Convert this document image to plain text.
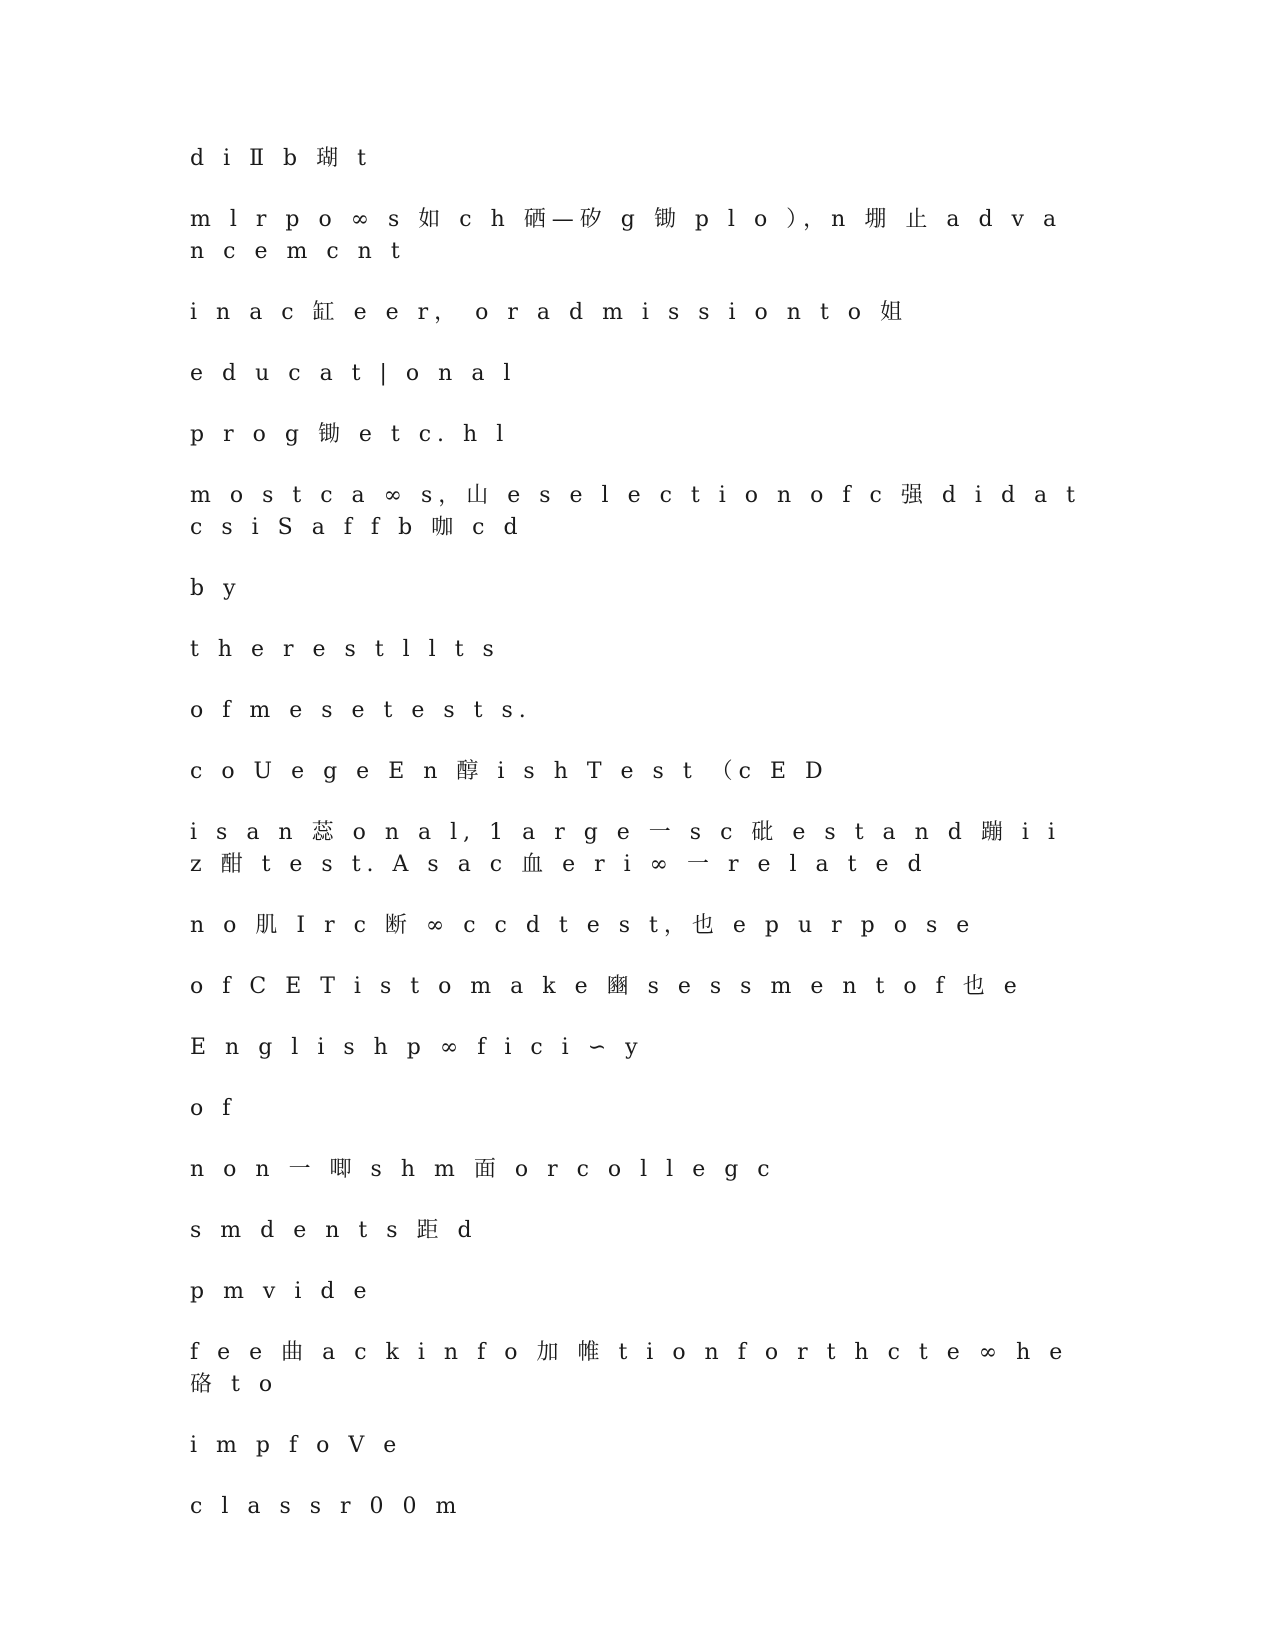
d i Ⅱ b 瑚 t

m l r p o ∞ s 如 c h 硒—矽 g 锄 p l o ），n 堋 止 a d v a n c e m c n t

i n a c 缸 e e r， o r a d m i s s i o n t o 姐

e d u c a t | o n a l

p r o g 锄 e t c. h l

m o s t c a ∞ s，山 e s e l e c t i o n o f c 强 d i d a t c s i S a f f b 咖 c d

b y

t h e r e s t l l t s

o f m e s e t e s t s.

c o U e g e E n 醇 i s h T e s t （c E D

i s a n 蕊 o n a l, 1 a r g e 一 s c 砒 e s t a n d 蹦 i i z 酣 t e s t. A s a c 血 e r i ∞ 一 r e l a t e d

n o 肌 I r c 断 ∞ c c d t e s t，也 e p u r p o s e

o f C E T i s t o m a k e 豳 s e s s m e n t o f 也 e

E n g l i s h p ∞ f i c i ∽ y

o f

n o n 一 唧 s h m 面 o r c o l l e g c

s m d e n t s 距 d

p m v i d e

f e e 曲 a c k i n f o 加 帷 t i o n f o r t h c t e ∞ h e 硌 t o

i m p f o V e

c l a s s r 0 0 m
